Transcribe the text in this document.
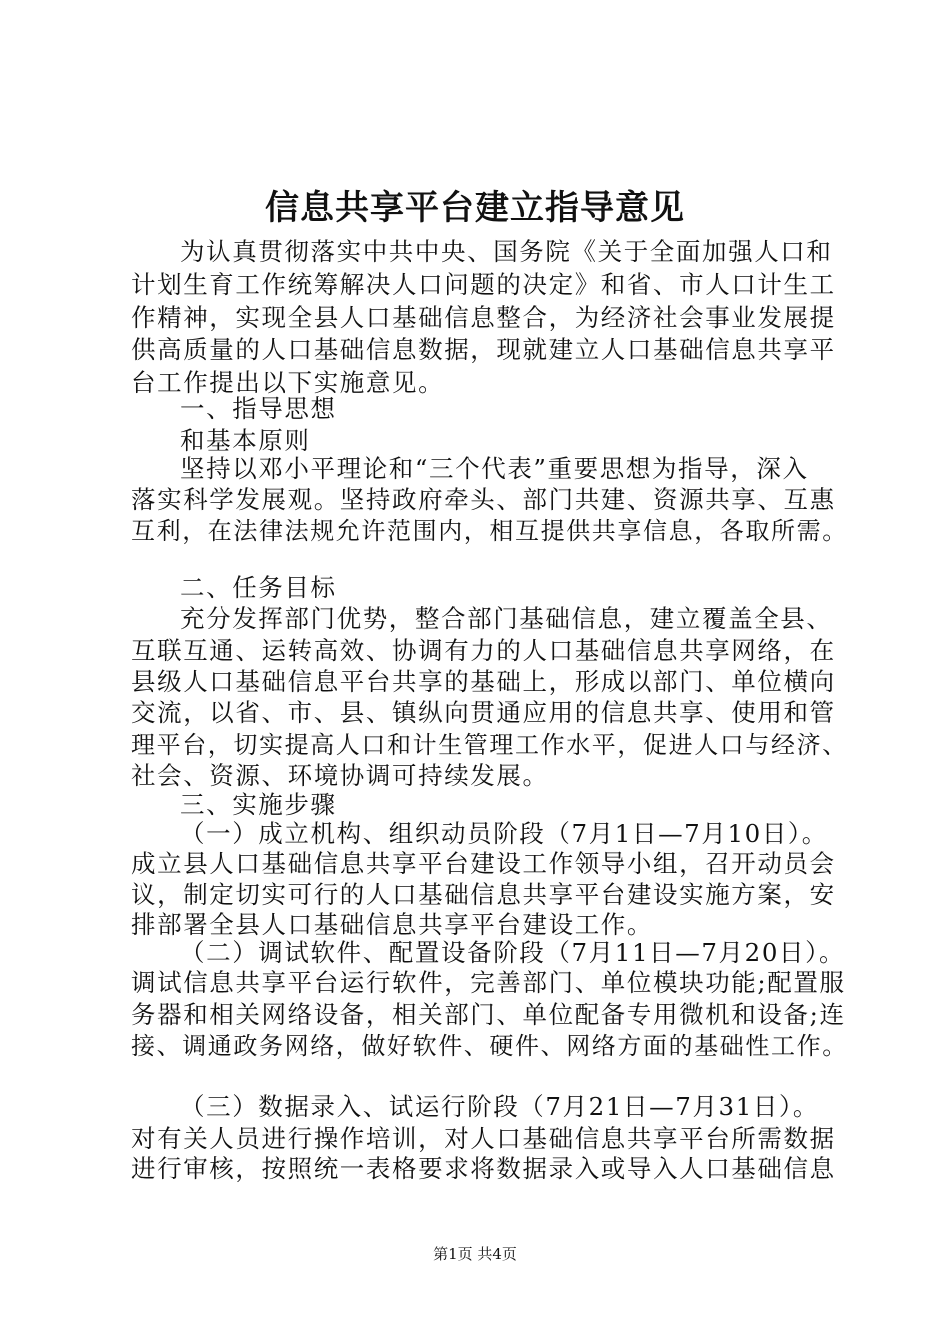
信息共享平台建立指导意见
为认真贯彻落实中共中央、国务院《关于全面加强人口和
计划生育工作统筹解决人口问题的决定》和省、市人口计生工
作精神，实现全县人口基础信息整合，为经济社会事业发展提
供高质量的人口基础信息数据，现就建立人口基础信息共享平
台工作提出以下实施意见。
一、指导思想
和基本原则
坚持以邓小平理论和“三个代表”重要思想为指导，深入
落实科学发展观。坚持政府牵头、部门共建、资源共享、互惠
互利，在法律法规允许范围内，相互提供共享信息，各取所需。
二、任务目标
充分发挥部门优势，整合部门基础信息，建立覆盖全县、
互联互通、运转高效、协调有力的人口基础信息共享网络，在
县级人口基础信息平台共享的基础上，形成以部门、单位横向
交流，以省、市、县、镇纵向贯通应用的信息共享、使用和管
理平台，切实提高人口和计生管理工作水平，促进人口与经济、
社会、资源、环境协调可持续发展。
三、实施步骤
（一）成立机构、组织动员阶段（7月1日—7月10日）。
成立县人口基础信息共享平台建设工作领导小组，召开动员会
议，制定切实可行的人口基础信息共享平台建设实施方案，安
排部署全县人口基础信息共享平台建设工作。
（二）调试软件、配置设备阶段（7月11日—7月20日）。
调试信息共享平台运行软件，完善部门、单位模块功能;配置服
务器和相关网络设备，相关部门、单位配备专用微机和设备;连
接、调通政务网络，做好软件、硬件、网络方面的基础性工作。
（三）数据录入、试运行阶段（7月21日—7月31日）。
对有关人员进行操作培训，对人口基础信息共享平台所需数据
进行审核，按照统一表格要求将数据录入或导入人口基础信息
第1页 共4页
